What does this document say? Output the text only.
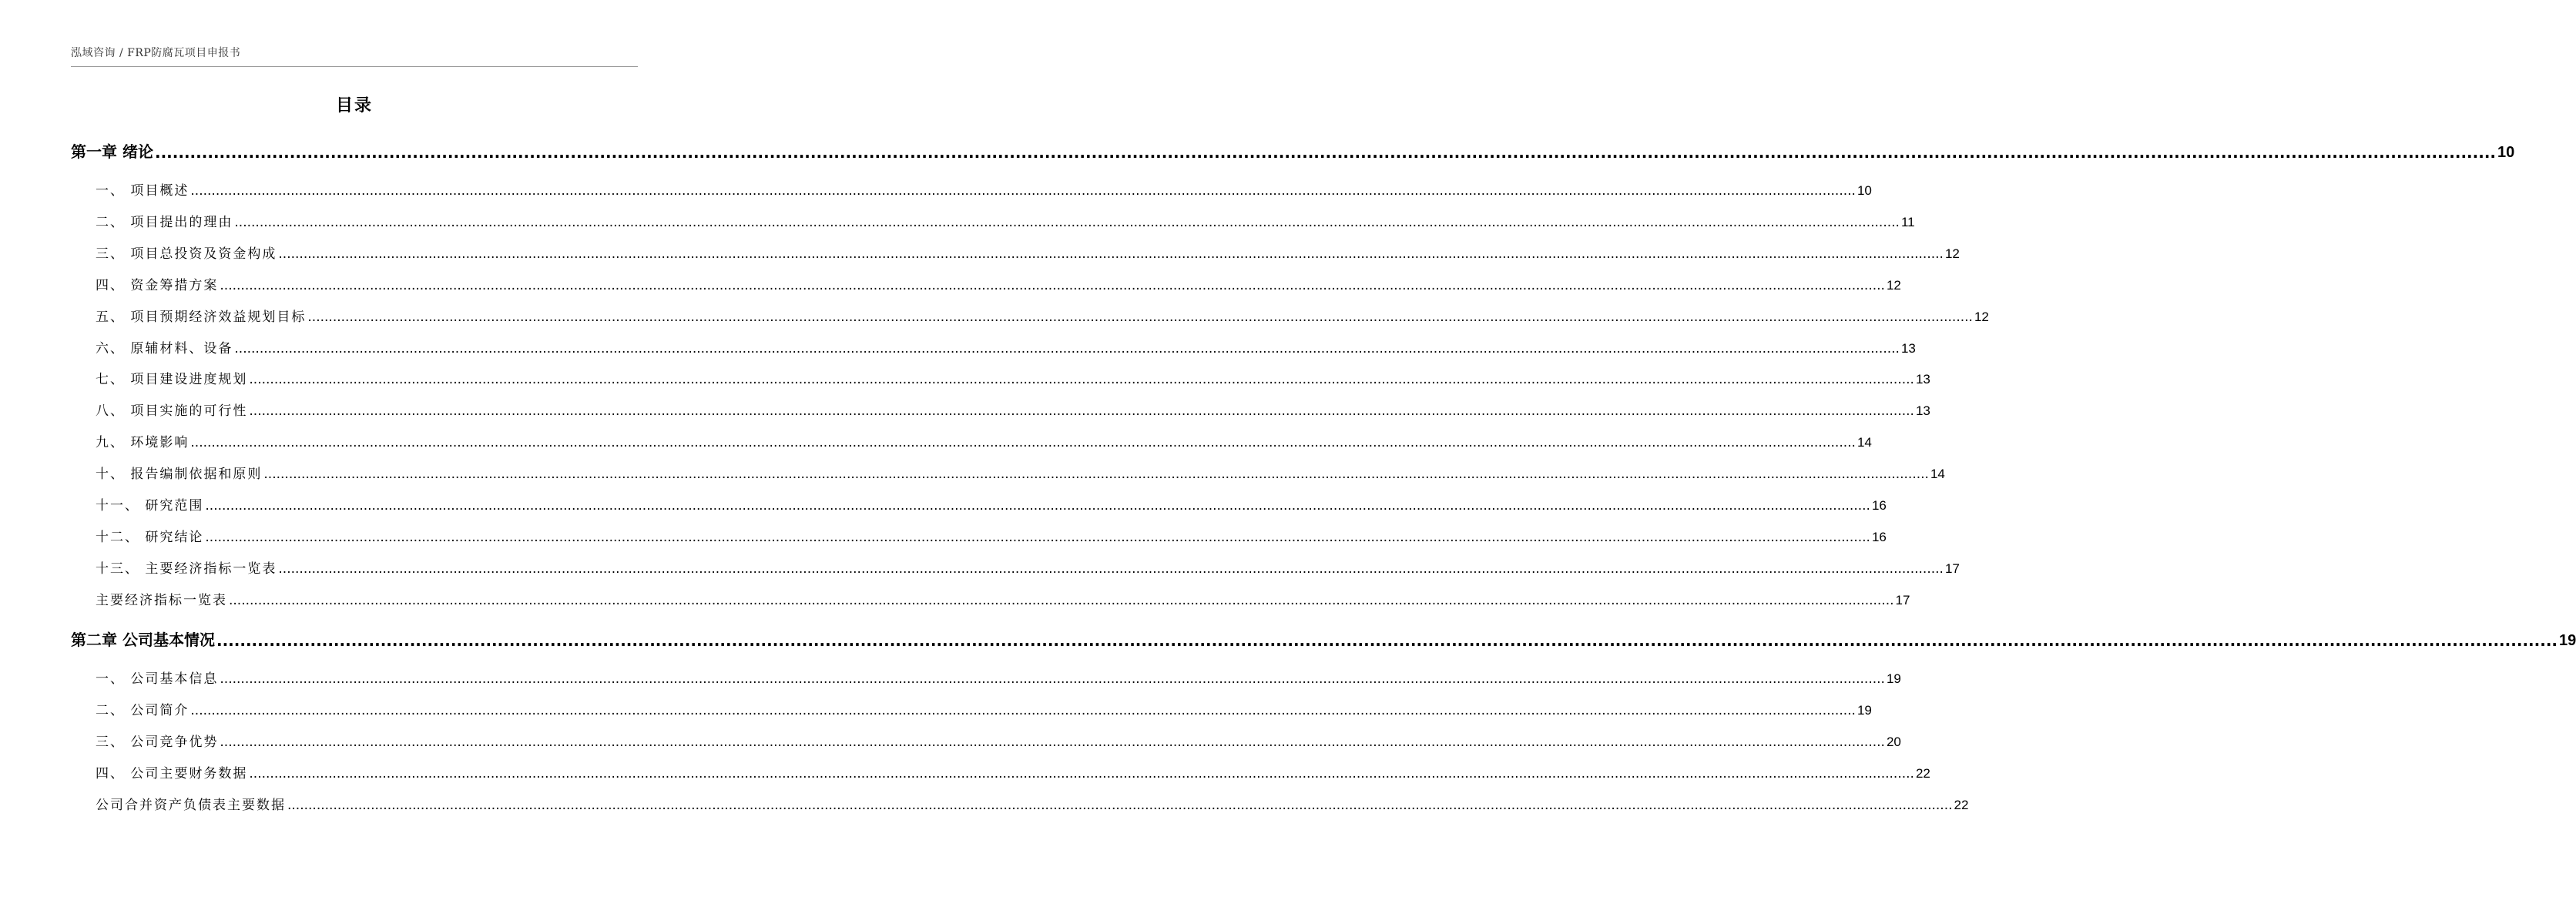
泓域咨询 / FRP防腐瓦项目申报书
目录
第一章 绪论 ................................................................................................................................................................................................................................................................................................................................................................................................................ 10
一、 项目概述 ................................................................................................................................................................................................................................................................................................................................................................................................................ 10
二、 项目提出的理由 ................................................................................................................................................................................................................................................................................................................................................................................................................ 11
三、 项目总投资及资金构成 ................................................................................................................................................................................................................................................................................................................................................................................................................ 12
四、 资金筹措方案 ................................................................................................................................................................................................................................................................................................................................................................................................................ 12
五、 项目预期经济效益规划目标 ................................................................................................................................................................................................................................................................................................................................................................................................................ 12
六、 原辅材料、设备 ................................................................................................................................................................................................................................................................................................................................................................................................................ 13
七、 项目建设进度规划 ................................................................................................................................................................................................................................................................................................................................................................................................................ 13
八、 项目实施的可行性 ................................................................................................................................................................................................................................................................................................................................................................................................................ 13
九、 环境影响 ................................................................................................................................................................................................................................................................................................................................................................................................................ 14
十、 报告编制依据和原则 ................................................................................................................................................................................................................................................................................................................................................................................................................ 14
十一、 研究范围 ................................................................................................................................................................................................................................................................................................................................................................................................................ 16
十二、 研究结论 ................................................................................................................................................................................................................................................................................................................................................................................................................ 16
十三、 主要经济指标一览表 ................................................................................................................................................................................................................................................................................................................................................................................................................ 17
主要经济指标一览表 ................................................................................................................................................................................................................................................................................................................................................................................................................ 17
第二章 公司基本情况 ................................................................................................................................................................................................................................................................................................................................................................................................................ 19
一、 公司基本信息 ................................................................................................................................................................................................................................................................................................................................................................................................................ 19
二、 公司简介 ................................................................................................................................................................................................................................................................................................................................................................................................................ 19
三、 公司竞争优势 ................................................................................................................................................................................................................................................................................................................................................................................................................ 20
四、 公司主要财务数据 ................................................................................................................................................................................................................................................................................................................................................................................................................ 22
公司合并资产负债表主要数据 ................................................................................................................................................................................................................................................................................................................................................................................................................ 22
